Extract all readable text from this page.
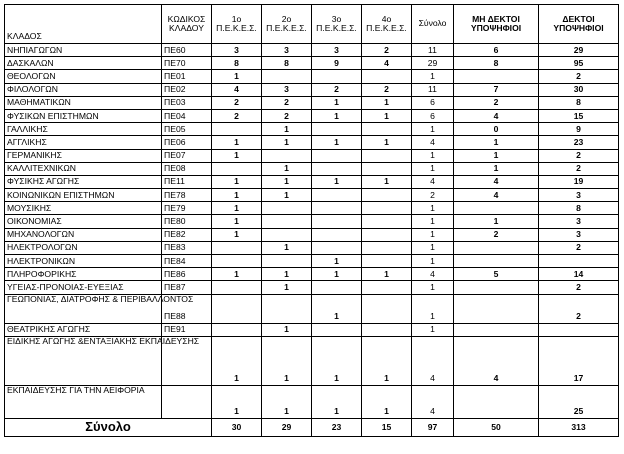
ΚΛΑΔΟΣ	ΚΩΔΙΚΟΣ ΚΛΑΔΟΥ	1ο Π.Ε.Κ.Ε.Σ.	2ο Π.Ε.Κ.Ε.Σ.	3ο Π.Ε.Κ.Ε.Σ.	4ο Π.Ε.Κ.Ε.Σ.	Σύνολο	ΜΗ ΔΕΚΤΟΙ ΥΠΟΨΗΦΙΟΙ	ΔΕΚΤΟΙ ΥΠΟΨΗΦΙΟΙ
ΝΗΠΙΑΓΩΓΩΝ	ΠΕ60	3	3	3	2	11	6	29
ΔΑΣΚΑΛΩΝ	ΠΕ70	8	8	9	4	29	8	95
ΘΕΟΛΟΓΩΝ	ΠΕ01	1				1		2
ΦΙΛΟΛΟΓΩΝ	ΠΕ02	4	3	2	2	11	7	30
ΜΑΘΗΜΑΤΙΚΩΝ	ΠΕ03	2	2	1	1	6	2	8
ΦΥΣΙΚΩΝ ΕΠΙΣΤΗΜΩΝ	ΠΕ04	2	2	1	1	6	4	15
ΓΑΛΛΙΚΗΣ	ΠΕ05		1			1	0	9
ΑΓΓΛΙΚΗΣ	ΠΕ06	1	1	1	1	4	1	23
ΓΕΡΜΑΝΙΚΗΣ	ΠΕ07	1				1	1	2
ΚΑΛΛΙΤΕΧΝΙΚΩΝ	ΠΕ08		1			1	1	2
ΦΥΣΙΚΗΣ ΑΓΩΓΗΣ	ΠΕ11	1	1	1	1	4	4	19
ΚΟΙΝΩΝΙΚΩΝ ΕΠΙΣΤΗΜΩΝ	ΠΕ78	1	1			2	4	3
ΜΟΥΣΙΚΗΣ	ΠΕ79	1				1		8
ΟΙΚΟΝΟΜΙΑΣ	ΠΕ80	1				1	1	3
ΜΗΧΑΝΟΛΟΓΩΝ	ΠΕ82	1				1	2	3
ΗΛΕΚΤΡΟΛΟΓΩΝ	ΠΕ83		1			1		2
ΗΛΕΚΤΡΟΝΙΚΩΝ	ΠΕ84			1		1		
ΠΛΗΡΟΦΟΡΙΚΗΣ	ΠΕ86	1	1	1	1	4	5	14
ΥΓΕΙΑΣ-ΠΡΟΝΟΙΑΣ-ΕΥΕΞΙΑΣ	ΠΕ87		1			1		2
ΓΕΩΠΟΝΙΑΣ, ΔΙΑΤΡΟΦΗΣ & ΠΕΡΙΒΑΛΛΟΝΤΟΣ	ΠΕ88			1		1		2
ΘΕΑΤΡΙΚΗΣ ΑΓΩΓΗΣ	ΠΕ91		1			1		
ΕΙΔΙΚΗΣ ΑΓΩΓΗΣ &ΕΝΤΑΞΙΑΚΗΣ ΕΚΠΑΙΔΕΥΣΗΣ		1	1	1	1	4	4	17
ΕΚΠΑΙΔΕΥΣΗΣ ΓΙΑ ΤΗΝ ΑΕΙΦΟΡΙΑ		1	1	1	1	4		25
Σύνολο		30	29	23	15	97	50	313
